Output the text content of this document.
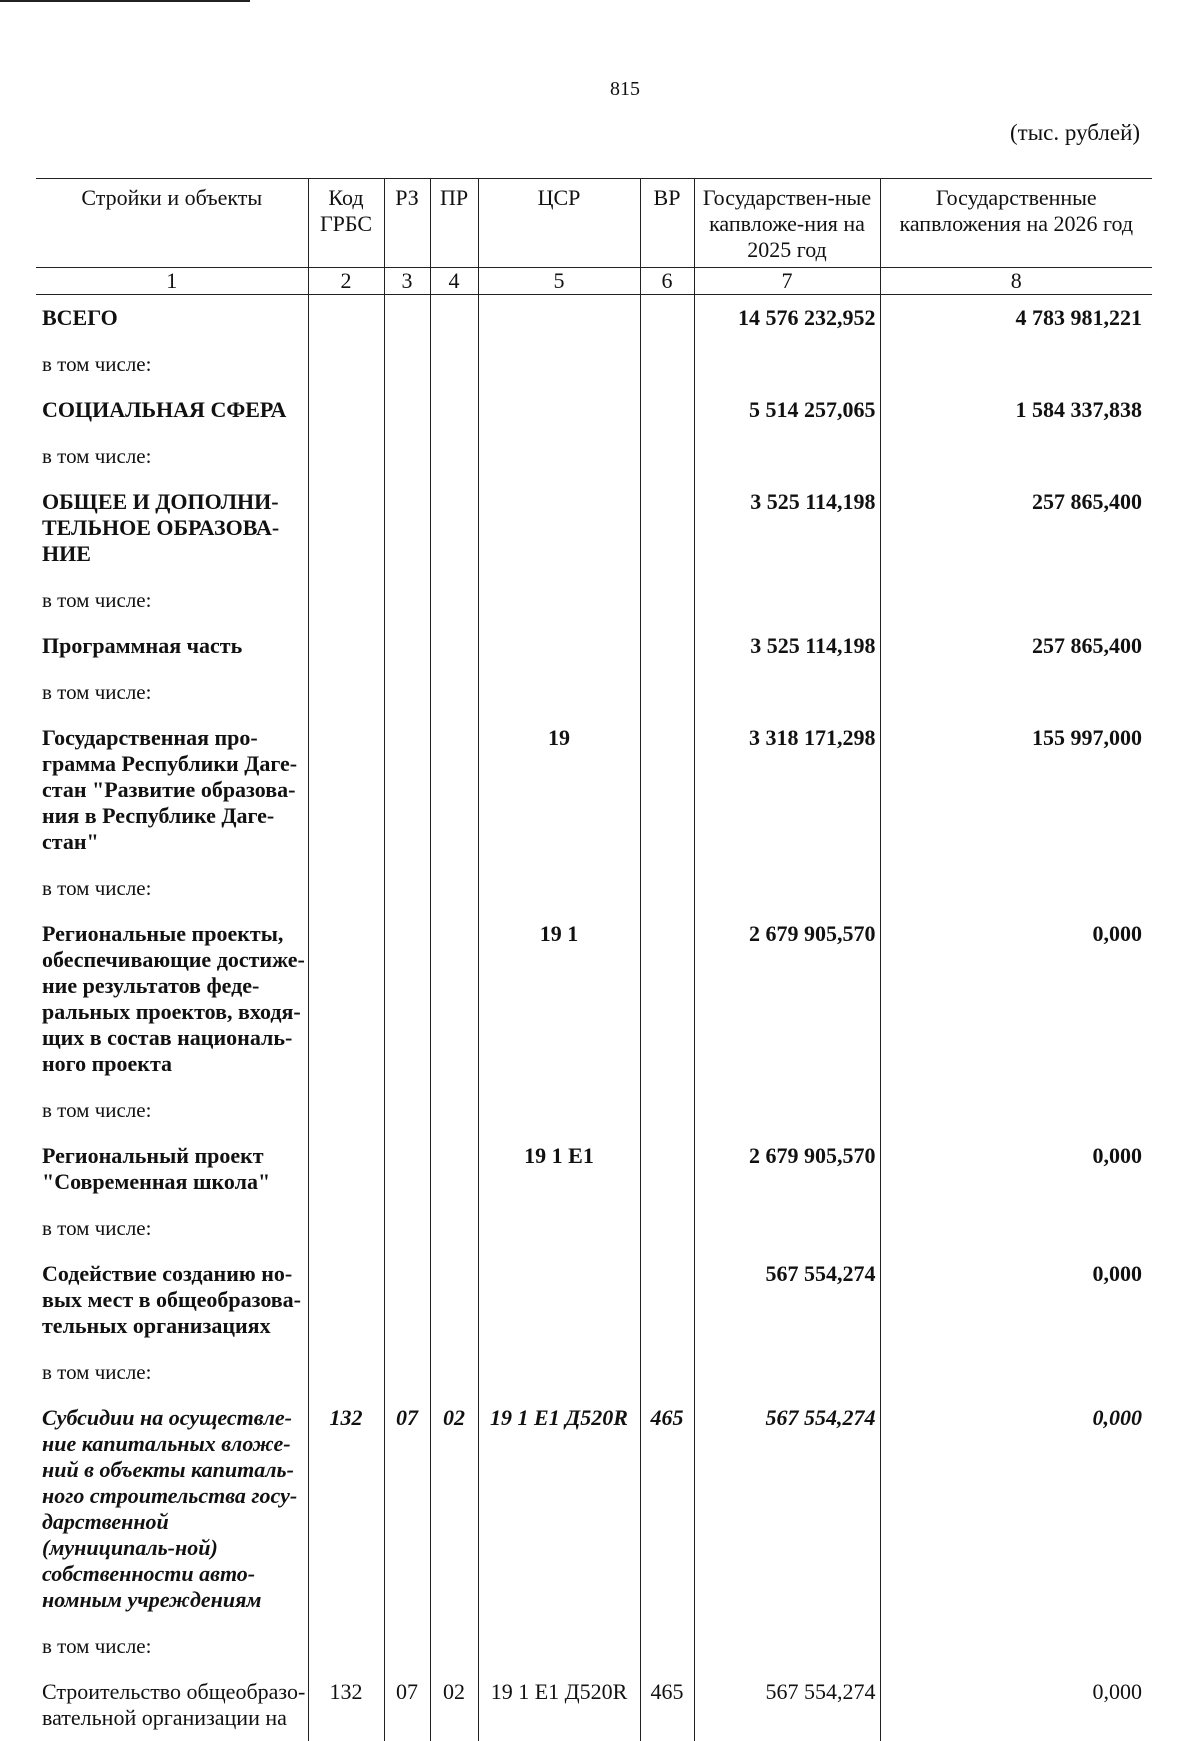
815
(тыс. рублей)
Стройки и объекты	Код ГРБС	РЗ	ПР	ЦСР	ВР	Государствен-ные капвложе-ния на 2025 год	Государственные капвложения на 2026 год
1	2	3	4	5	6	7	8
ВСЕГО						14 576 232,952	4 783 981,221
в том числе:							
СОЦИАЛЬНАЯ СФЕРА						5 514 257,065	1 584 337,838
в том числе:							
ОБЩЕЕ И ДОПОЛНИ-ТЕЛЬНОЕ ОБРАЗОВА-НИЕ						3 525 114,198	257 865,400
в том числе:							
Программная часть						3 525 114,198	257 865,400
в том числе:							
Государственная про-грамма Республики Даге-стан "Развитие образова-ния в Республике Даге-стан"				19		3 318 171,298	155 997,000
в том числе:							
Региональные проекты, обеспечивающие достиже-ние результатов феде-ральных проектов, входя-щих в состав националь-ного проекта				19 1		2 679 905,570	0,000
в том числе:							
Региональный проект "Современная школа"				19 1 E1		2 679 905,570	0,000
в том числе:							
Содействие созданию но-вых мест в общеобразова-тельных организациях						567 554,274	0,000
в том числе:							
Субсидии на осуществле-ние капитальных вложе-ний в объекты капиталь-ного строительства госу-дарственной (муниципаль-ной) собственности авто-номным учреждениям	132	07	02	19 1 E1 Д520R	465	567 554,274	0,000
в том числе:							
Строительство общеобразо-вательной организации на	132	07	02	19 1 E1 Д520R	465	567 554,274	0,000
